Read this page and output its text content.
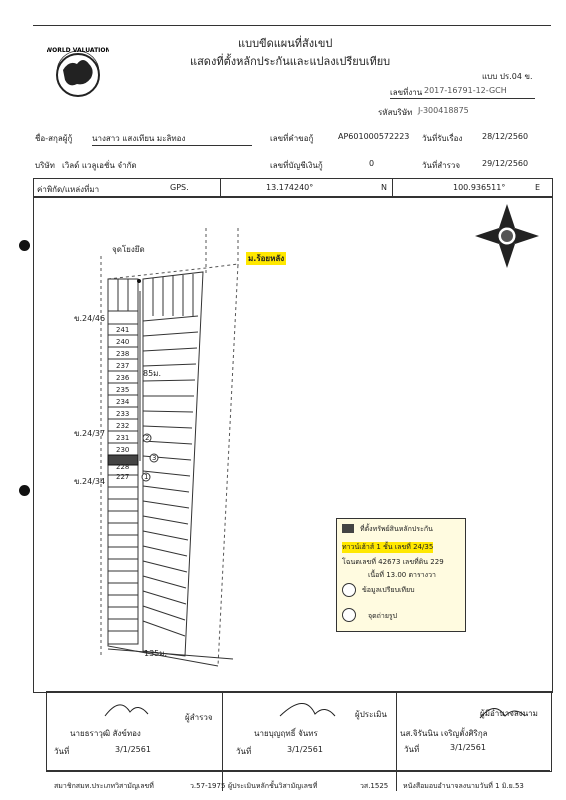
WORLD VALUATION
แบบขีดแผนที่สังเขป
แสดงที่ตั้งหลักประกันและแปลงเปรียบเทียบ
แบบ ปร.04 ข.
เลขที่งาน 2017-16791-12-GCH
รหัสบริษัท J-300418875
ชื่อ-สกุลผู้กู้ นางสาว แสงเทียน มะลิทอง	เลขที่คำขอกู้	AP601000572223 วันที่รับเรื่อง 28/12/2560
บริษัท เวิลด์ แวลูเอชั่น จำกัด	เลขที่บัญชีเงินกู้	0	วันที่สำรวจ	29/12/2560
ค่าพิกัด/แหล่งที่มา	GPS.	13.174240°	N	100.936511°	E
ม.ร้อยหลัง
จุดโยงยึด
ข.24/46
ข.24/37
ข.24/34
85ม.
135ม.
241
240
238
237
236
235
234
233
232
231
230
228
227
2
3
1
N
E
S
W
ที่ตั้งทรัพย์สินหลักประกัน
ทาวน์เฮ้าส์ 1 ชั้น เลขที่ 24/35
โฉนดเลขที่ 42673 เลขที่ดิน 229
เนื้อที่ 13.00 ตารางวา
ข้อมูลเปรียบเทียบ
จุดถ่ายรูป
ผู้สำรวจ	ผู้ประเมิน	ผู้มีอำนาจลงนาม
นายธราวุฒิ สังข์ทอง	นายบุญฤทธิ์ จันทร	นส.จิรันนิน เจริญตั้งศิริกุล
วันที่	3/1/2561	วันที่	3/1/2561	วันที่	3/1/2561
สมาชิกสมท.ประเภทวิสามัญเลขที่	ว.57-1975 ผู้ประเมินหลักชั้นวิสามัญเลขที่	วส.1525 หนังสือมอบอำนาจลงนามวันที่ 1 มิ.ย.53
